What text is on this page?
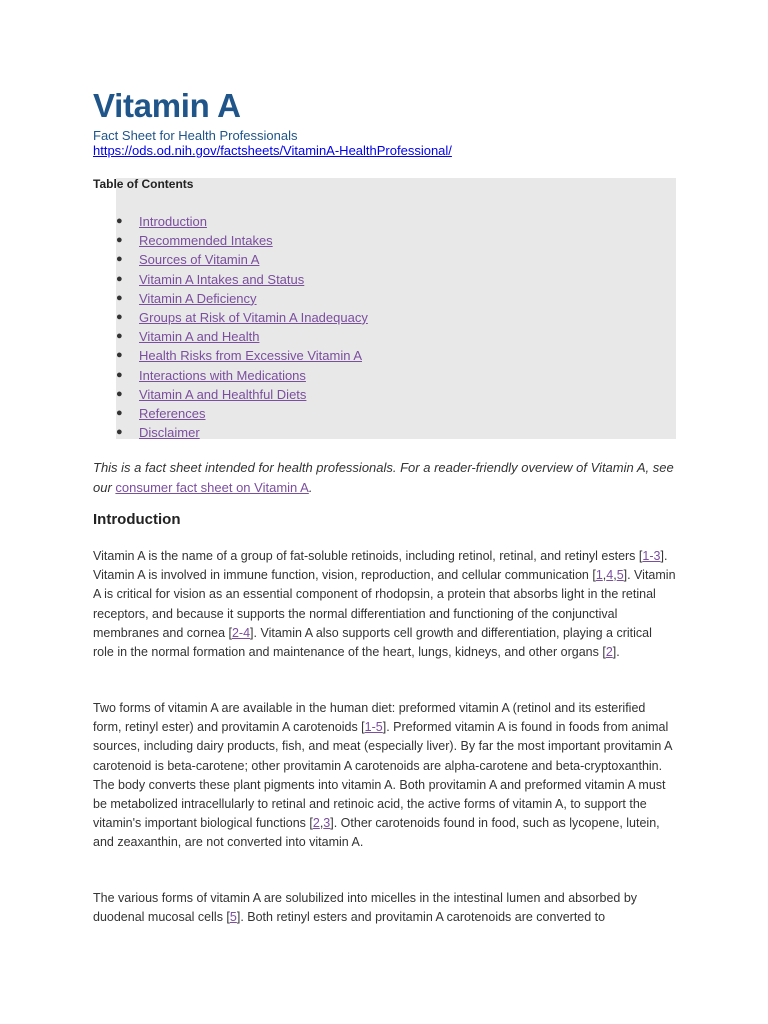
Vitamin A
Fact Sheet for Health Professionals
https://ods.od.nih.gov/factsheets/VitaminA-HealthProfessional/
Table of Contents
● Introduction
● Recommended Intakes
● Sources of Vitamin A
● Vitamin A Intakes and Status
● Vitamin A Deficiency
● Groups at Risk of Vitamin A Inadequacy
● Vitamin A and Health
● Health Risks from Excessive Vitamin A
● Interactions with Medications
● Vitamin A and Healthful Diets
● References
● Disclaimer
This is a fact sheet intended for health professionals. For a reader-friendly overview of Vitamin A, see our consumer fact sheet on Vitamin A.
Introduction

Vitamin A is the name of a group of fat-soluble retinoids, including retinol, retinal, and retinyl esters [1-3]. Vitamin A is involved in immune function, vision, reproduction, and cellular communication [1,4,5]. Vitamin A is critical for vision as an essential component of rhodopsin, a protein that absorbs light in the retinal receptors, and because it supports the normal differentiation and functioning of the conjunctival membranes and cornea [2-4]. Vitamin A also supports cell growth and differentiation, playing a critical role in the normal formation and maintenance of the heart, lungs, kidneys, and other organs [2].

Two forms of vitamin A are available in the human diet: preformed vitamin A (retinol and its esterified form, retinyl ester) and provitamin A carotenoids [1-5]. Preformed vitamin A is found in foods from animal sources, including dairy products, fish, and meat (especially liver). By far the most important provitamin A carotenoid is beta-carotene; other provitamin A carotenoids are alpha-carotene and beta-cryptoxanthin. The body converts these plant pigments into vitamin A. Both provitamin A and preformed vitamin A must be metabolized intracellularly to retinal and retinoic acid, the active forms of vitamin A, to support the vitamin's important biological functions [2,3]. Other carotenoids found in food, such as lycopene, lutein, and zeaxanthin, are not converted into vitamin A.

The various forms of vitamin A are solubilized into micelles in the intestinal lumen and absorbed by duodenal mucosal cells [5]. Both retinyl esters and provitamin A carotenoids are converted to
